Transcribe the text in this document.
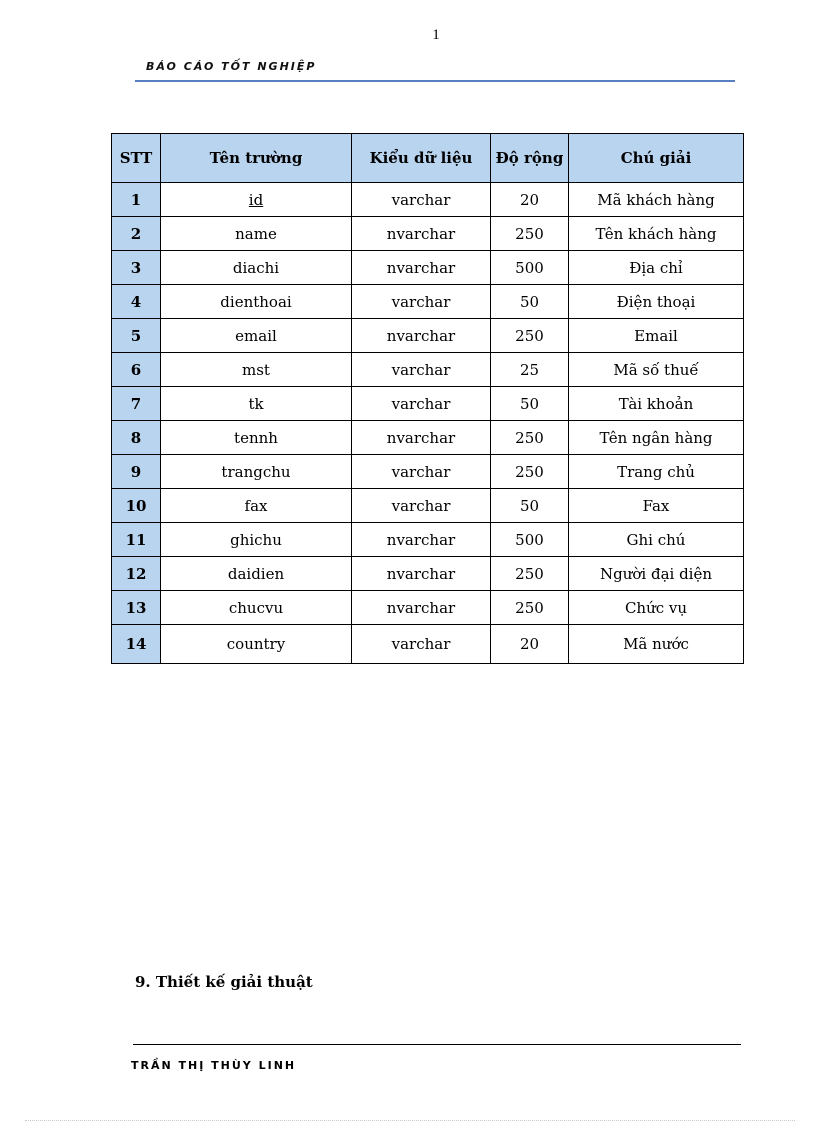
1
BÁO CÁO TỐT NGHIỆP
STT	Tên trường	Kiểu dữ liệu	Độ rộng	Chú giải
1	id	varchar	20	Mã khách hàng
2	name	nvarchar	250	Tên khách hàng
3	diachi	nvarchar	500	Địa chỉ
4	dienthoai	varchar	50	Điện thoại
5	email	nvarchar	250	Email
6	mst	varchar	25	Mã số thuế
7	tk	varchar	50	Tài khoản
8	tennh	nvarchar	250	Tên ngân hàng
9	trangchu	varchar	250	Trang chủ
10	fax	varchar	50	Fax
11	ghichu	nvarchar	500	Ghi chú
12	daidien	nvarchar	250	Người đại diện
13	chucvu	nvarchar	250	Chức vụ
14	country	varchar	20	Mã nước
9. Thiết kế giải thuật
TRẦN THỊ THÙY LINH
